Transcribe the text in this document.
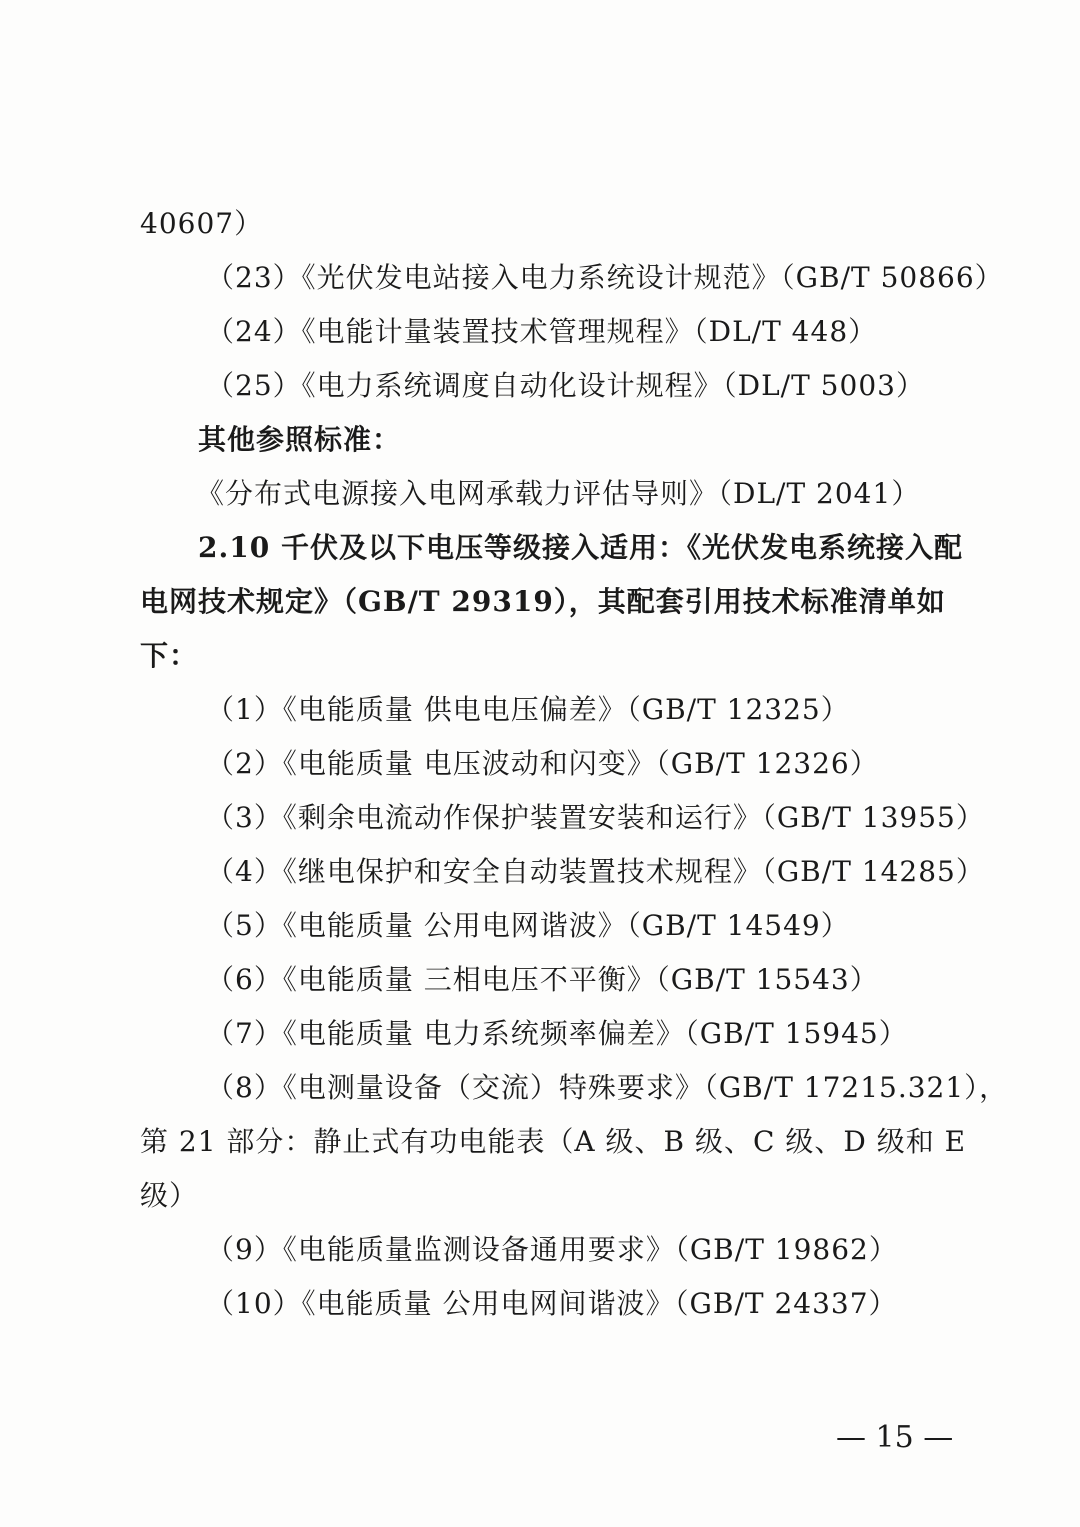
40607）
（23）《光伏发电站接入电力系统设计规范》（GB/T 50866）
（24）《电能计量装置技术管理规程》（DL/T 448）
（25）《电力系统调度自动化设计规程》（DL/T 5003）
其他参照标准：
《分布式电源接入电网承载力评估导则》（DL/T 2041）
2.10 千伏及以下电压等级接入适用：《光伏发电系统接入配
电网技术规定》（GB/T 29319），其配套引用技术标准清单如
下：
（1）《电能质量 供电电压偏差》（GB/T 12325）
（2）《电能质量 电压波动和闪变》（GB/T 12326）
（3）《剩余电流动作保护装置安装和运行》（GB/T 13955）
（4）《继电保护和安全自动装置技术规程》（GB/T 14285）
（5）《电能质量 公用电网谐波》（GB/T 14549）
（6）《电能质量 三相电压不平衡》（GB/T 15543）
（7）《电能质量 电力系统频率偏差》（GB/T 15945）
（8）《电测量设备（交流）特殊要求》（GB/T 17215.321），
第 21 部分：静止式有功电能表（A 级、B 级、C 级、D 级和 E
级）
（9）《电能质量监测设备通用要求》（GB/T 19862）
（10）《电能质量 公用电网间谐波》（GB/T 24337）
— 15 —
